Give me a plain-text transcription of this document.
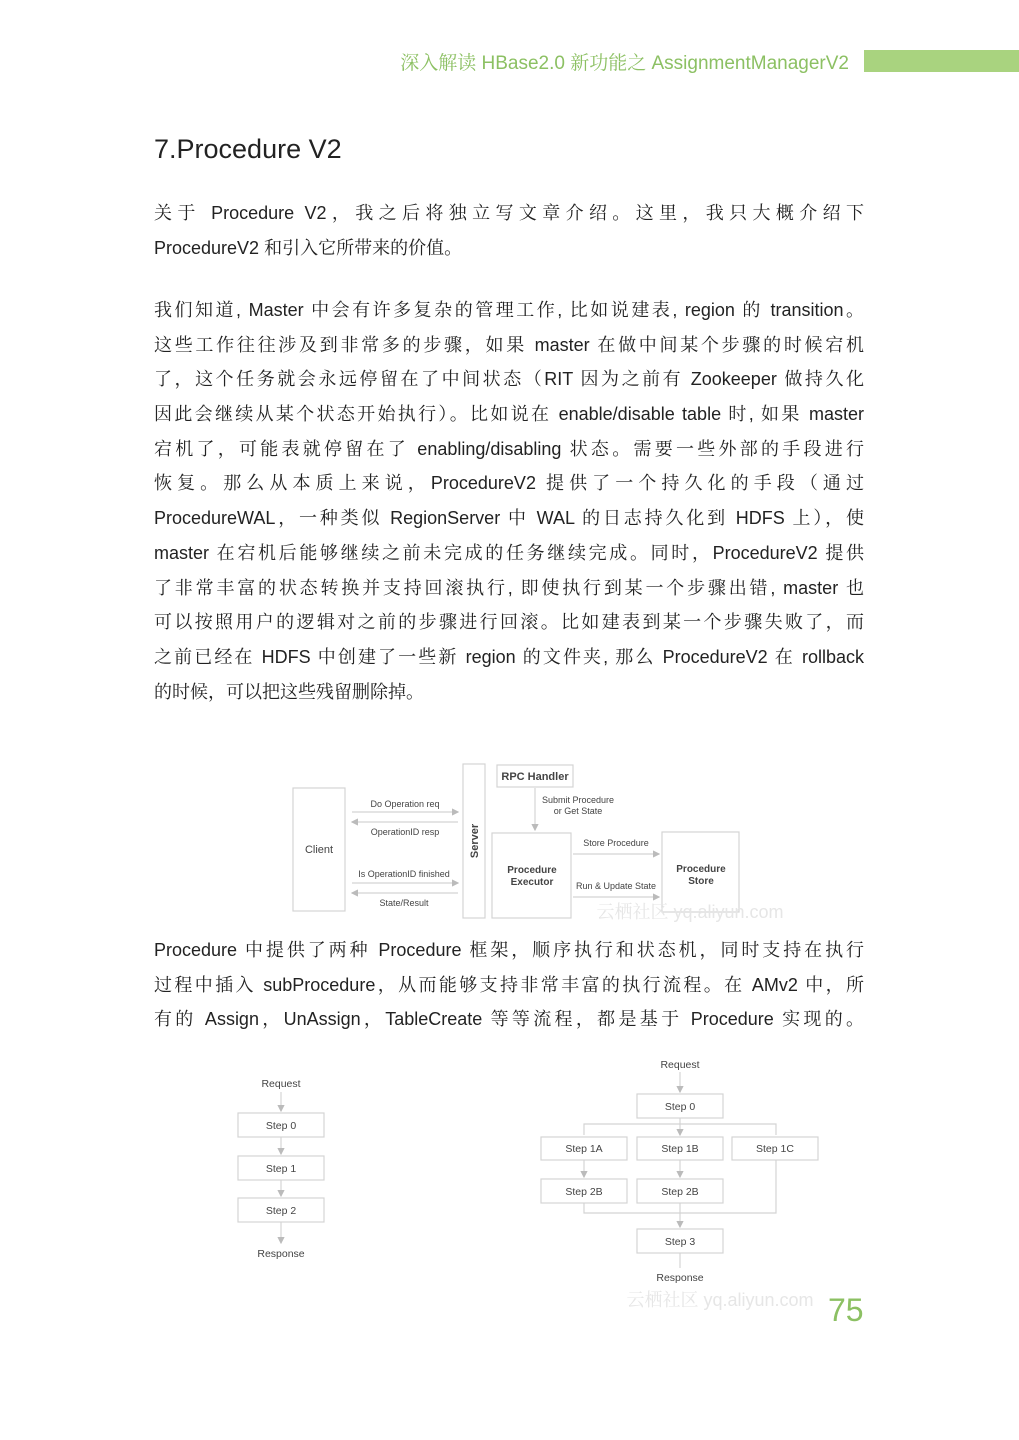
深入解读 HBase2.0 新功能之 AssignmentManagerV2
7.Procedure V2
关于 Procedure V2，我之后将独立写文章介绍。这里，我只大概介绍下
ProcedureV2 和引入它所带来的价值。
我们知道, Master 中会有许多复杂的管理工作, 比如说建表, region 的 transition。
这些工作往往涉及到非常多的步骤，如果 master 在做中间某个步骤的时候宕机
了，这个任务就会永远停留在了中间状态（RIT 因为之前有 Zookeeper 做持久化
因此会继续从某个状态开始执行）。比如说在 enable/disable table 时, 如果 master
宕机了，可能表就停留在了 enabling/disabling 状态。需要一些外部的手段进行
恢复。那么从本质上来说，ProcedureV2 提供了一个持久化的手段（通过
ProcedureWAL，一种类似 RegionServer 中 WAL 的日志持久化到 HDFS 上），使
master 在宕机后能够继续之前未完成的任务继续完成。同时，ProcedureV2 提供
了非常丰富的状态转换并支持回滚执行, 即使执行到某一个步骤出错, master 也
可以按照用户的逻辑对之前的步骤进行回滚。比如建表到某一个步骤失败了，而
之前已经在 HDFS 中创建了一些新 region 的文件夹, 那么 ProcedureV2 在 rollback
的时候，可以把这些残留删除掉。
Procedure 中提供了两种 Procedure 框架，顺序执行和状态机，同时支持在执行
过程中插入 subProcedure，从而能够支持非常丰富的执行流程。在 AMv2 中，所
有的 Assign，UnAssign，TableCreate 等等流程，都是基于 Procedure 实现的。
Client	Server
RPC Handler
Submit Procedure
or Get State
Procedure
Executor
Procedure
Store
Do Operation req
OperationID resp
Is OperationID finished
State/Result
Store Procedure
Run & Update State
云栖社区 yq.aliyun.com
Request
Step 0
Step 1
Step 2
Response
Request
Step 0
Step 1A	Step 1B	Step 1C
Step 2B	Step 2B
Step 3
Response
云栖社区 yq.aliyun.com 75
